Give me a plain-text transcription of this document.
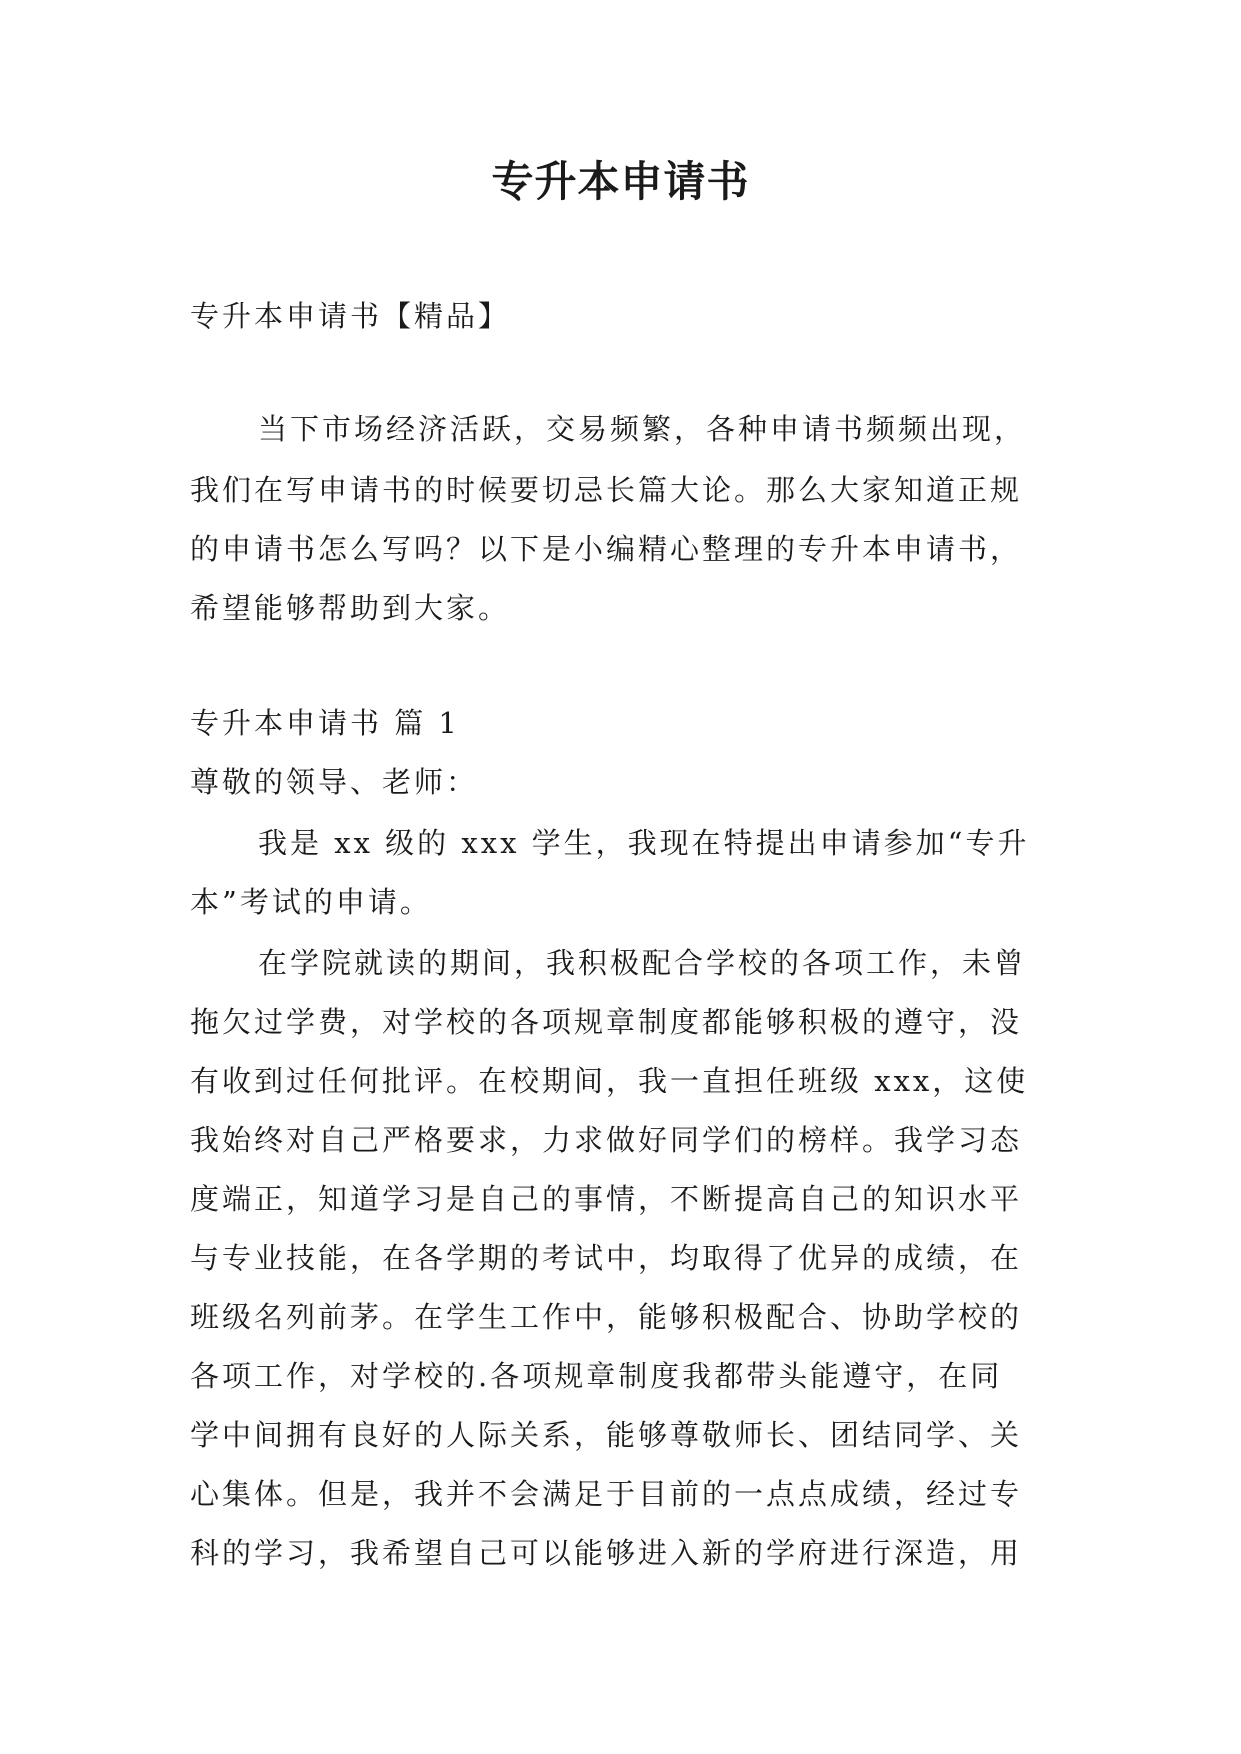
专升本申请书
专升本申请书【精品】
当下市场经济活跃，交易频繁，各种申请书频频出现，
我们在写申请书的时候要切忌长篇大论。那么大家知道正规
的申请书怎么写吗？以下是小编精心整理的专升本申请书，
希望能够帮助到大家。
专升本申请书 篇 1
尊敬的领导、老师：
我是 xx 级的 xxx 学生，我现在特提出申请参加“专升
本”考试的申请。
在学院就读的期间，我积极配合学校的各项工作，未曾
拖欠过学费，对学校的各项规章制度都能够积极的遵守，没
有收到过任何批评。在校期间，我一直担任班级 xxx，这使
我始终对自己严格要求，力求做好同学们的榜样。我学习态
度端正，知道学习是自己的事情，不断提高自己的知识水平
与专业技能，在各学期的考试中，均取得了优异的成绩，在
班级名列前茅。在学生工作中，能够积极配合、协助学校的
各项工作，对学校的.各项规章制度我都带头能遵守，在同
学中间拥有良好的人际关系，能够尊敬师长、团结同学、关
心集体。但是，我并不会满足于目前的一点点成绩，经过专
科的学习，我希望自己可以能够进入新的学府进行深造，用
